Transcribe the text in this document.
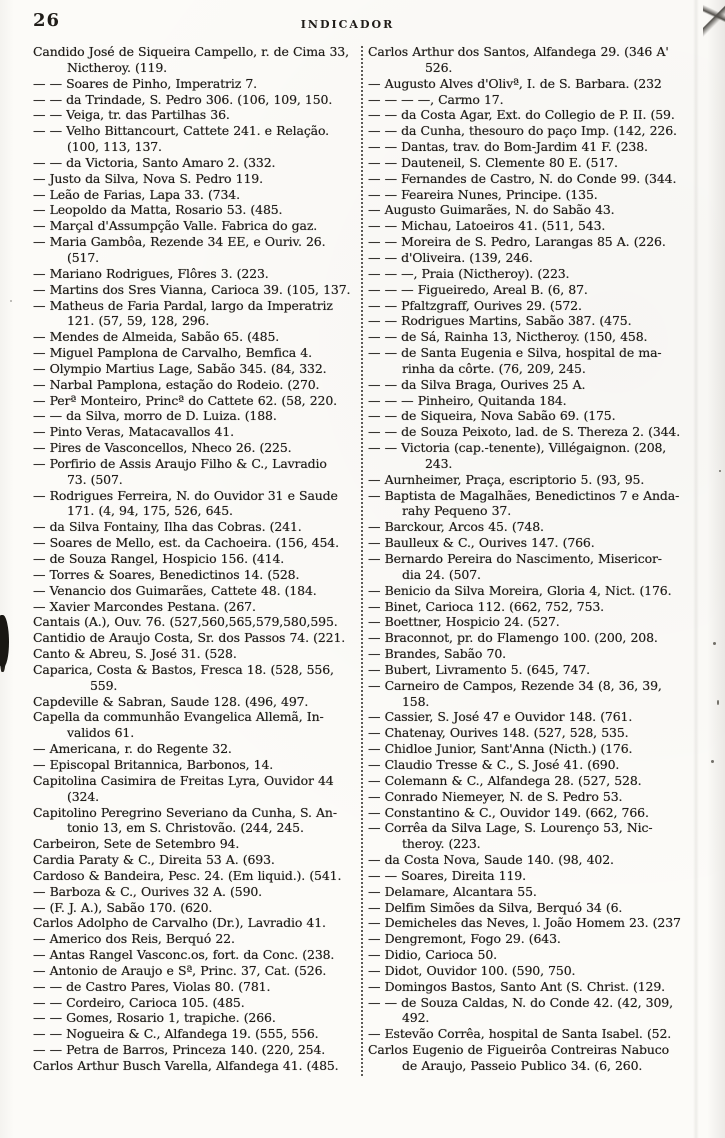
26	INDICADOR
Candido José de Siqueira Campello, r. de Cima 33,
Nictheroy. (119.
— — Soares de Pinho, Imperatriz 7.
— — da Trindade, S. Pedro 306. (106, 109, 150.
— — Veiga, tr. das Partilhas 36.
— — Velho Bittancourt, Cattete 241. e Relação.
(100, 113, 137.
— — da Victoria, Santo Amaro 2. (332.
— Justo da Silva, Nova S. Pedro 119.
— Leão de Farias, Lapa 33. (734.
— Leopoldo da Matta, Rosario 53. (485.
— Marçal d'Assumpção Valle. Fabrica do gaz.
— Maria Gambôa, Rezende 34 EE, e Ouriv. 26.
(517.
— Mariano Rodrigues, Flôres 3. (223.
— Martins dos Sres Vianna, Carioca 39. (105, 137.
— Matheus de Faria Pardal, largo da Imperatriz
121. (57, 59, 128, 296.
— Mendes de Almeida, Sabão 65. (485.
— Miguel Pamplona de Carvalho, Bemfica 4.
— Olympio Martius Lage, Sabão 345. (84, 332.
— Narbal Pamplona, estação do Rodeio. (270.
— Perª Monteiro, Princª do Cattete 62. (58, 220.
— — da Silva, morro de D. Luiza. (188.
— Pinto Veras, Matacavallos 41.
— Pires de Vasconcellos, Nheco 26. (225.
— Porfirio de Assis Araujo Filho & C., Lavradio
73. (507.
— Rodrigues Ferreira, N. do Ouvidor 31 e Saude
171. (4, 94, 175, 526, 645.
— da Silva Fontainy, Ilha das Cobras. (241.
— Soares de Mello, est. da Cachoeira. (156, 454.
— de Souza Rangel, Hospicio 156. (414.
— Torres & Soares, Benedictinos 14. (528.
— Venancio dos Guimarães, Cattete 48. (184.
— Xavier Marcondes Pestana. (267.
Cantais (A.), Ouv. 76. (527,560,565,579,580,595.
Cantidio de Araujo Costa, Sr. dos Passos 74. (221.
Canto & Abreu, S. José 31. (528.
Caparica, Costa & Bastos, Fresca 18. (528, 556,
559.
Capdeville & Sabran, Saude 128. (496, 497.
Capella da communhão Evangelica Allemã, In-
validos 61.
— Americana, r. do Regente 32.
— Episcopal Britannica, Barbonos, 14.
Capitolina Casimira de Freitas Lyra, Ouvidor 44
(324.
Capitolino Peregrino Severiano da Cunha, S. An-
tonio 13, em S. Christovão. (244, 245.
Carbeiron, Sete de Setembro 94.
Cardia Paraty & C., Direita 53 A. (693.
Cardoso & Bandeira, Pesc. 24. (Em liquid.). (541.
— Barboza & C., Ourives 32 A. (590.
— (F. J. A.), Sabão 170. (620.
Carlos Adolpho de Carvalho (Dr.), Lavradio 41.
— Americo dos Reis, Berquó 22.
— Antas Rangel Vasconc.os, fort. da Conc. (238.
— Antonio de Araujo e Sª, Princ. 37, Cat. (526.
— — de Castro Pares, Violas 80. (781.
— — Cordeiro, Carioca 105. (485.
— — Gomes, Rosario 1, trapiche. (266.
— — Nogueira & C., Alfandega 19. (555, 556.
— — Petra de Barros, Princeza 140. (220, 254.
Carlos Arthur Busch Varella, Alfandega 41. (485.
Carlos Arthur dos Santos, Alfandega 29. (346 A'
526.
— Augusto Alves d'Olivª, I. de S. Barbara. (232
— — — —, Carmo 17.
— — da Costa Agar, Ext. do Collegio de P. II. (59.
— — da Cunha, thesouro do paço Imp. (142, 226.
— — Dantas, trav. do Bom-Jardim 41 F. (238.
— — Dauteneil, S. Clemente 80 E. (517.
— — Fernandes de Castro, N. do Conde 99. (344.
— — Feareira Nunes, Principe. (135.
— Augusto Guimarães, N. do Sabão 43.
— — Michau, Latoeiros 41. (511, 543.
— — Moreira de S. Pedro, Larangas 85 A. (226.
— — d'Oliveira. (139, 246.
— — —, Praia (Nictheroy). (223.
— — — Figueiredo, Areal B. (6, 87.
— — Pfaltzgraff, Ourives 29. (572.
— — Rodrigues Martins, Sabão 387. (475.
— — de Sá, Rainha 13, Nictheroy. (150, 458.
— — de Santa Eugenia e Silva, hospital de ma-
rinha da côrte. (76, 209, 245.
— — da Silva Braga, Ourives 25 A.
— — — Pinheiro, Quitanda 184.
— — de Siqueira, Nova Sabão 69. (175.
— — de Souza Peixoto, lad. de S. Thereza 2. (344.
— — Victoria (cap.-tenente), Villégaignon. (208,
243.
— Aurnheimer, Praça, escriptorio 5. (93, 95.
— Baptista de Magalhães, Benedictinos 7 e Anda-
rahy Pequeno 37.
— Barckour, Arcos 45. (748.
— Baulleux & C., Ourives 147. (766.
— Bernardo Pereira do Nascimento, Misericor-
dia 24. (507.
— Benicio da Silva Moreira, Gloria 4, Nict. (176.
— Binet, Carioca 112. (662, 752, 753.
— Boettner, Hospicio 24. (527.
— Braconnot, pr. do Flamengo 100. (200, 208.
— Brandes, Sabão 70.
— Bubert, Livramento 5. (645, 747.
— Carneiro de Campos, Rezende 34 (8, 36, 39,
158.
— Cassier, S. José 47 e Ouvidor 148. (761.
— Chatenay, Ourives 148. (527, 528, 535.
— Chidloe Junior, Sant'Anna (Nicth.) (176.
— Claudio Tresse & C., S. José 41. (690.
— Colemann & C., Alfandega 28. (527, 528.
— Conrado Niemeyer, N. de S. Pedro 53.
— Constantino & C., Ouvidor 149. (662, 766.
— Corrêa da Silva Lage, S. Lourenço 53, Nic-
theroy. (223.
— da Costa Nova, Saude 140. (98, 402.
— — Soares, Direita 119.
— Delamare, Alcantara 55.
— Delfim Simões da Silva, Berquó 34 (6.
— Demicheles das Neves, l. João Homem 23. (237
— Dengremont, Fogo 29. (643.
— Didio, Carioca 50.
— Didot, Ouvidor 100. (590, 750.
— Domingos Bastos, Santo Ant (S. Christ. (129.
— — de Souza Caldas, N. do Conde 42. (42, 309,
492.
— Estevão Corrêa, hospital de Santa Isabel. (52.
Carlos Eugenio de Figueirôa Contreiras Nabuco
de Araujo, Passeio Publico 34. (6, 260.
